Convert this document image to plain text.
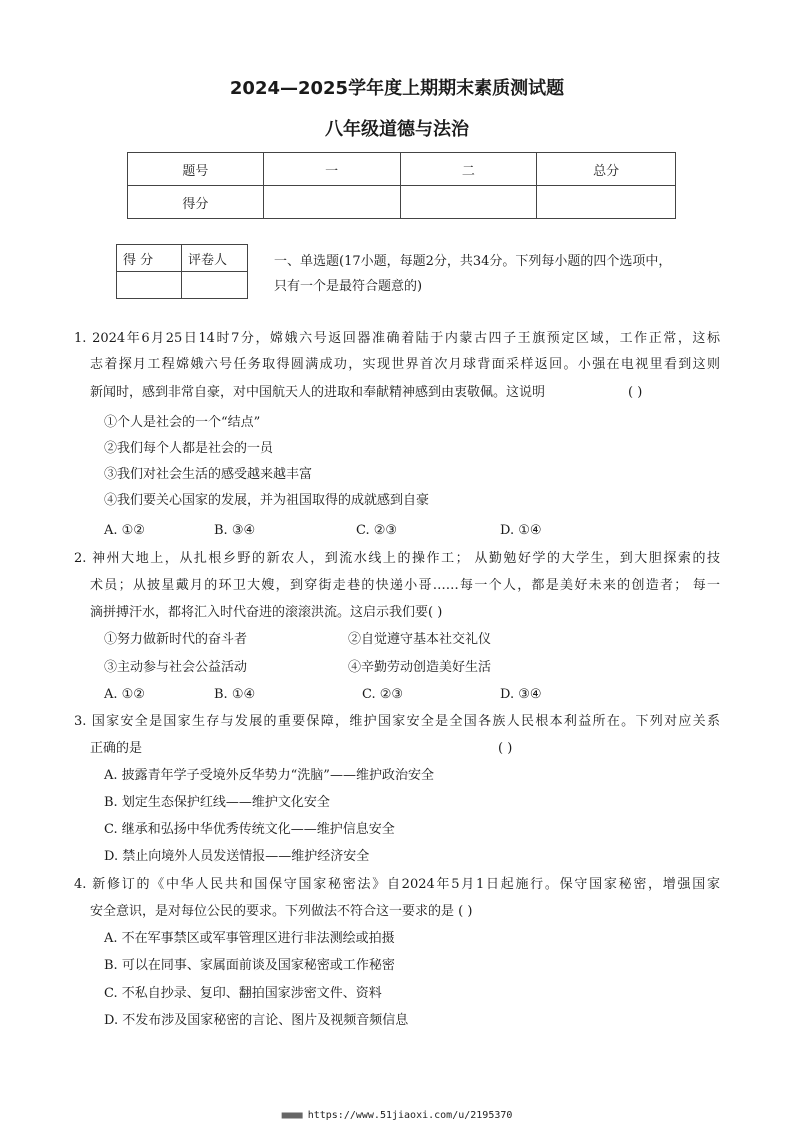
2024—2025学年度上期期末素质测试题
八年级道德与法治
题号	一	二	总分
得分			
得 分	评卷人
		一、单选题(17小题，每题2分，共34分。下列每小题的四个选项中，
只有一个是最符合题意的)
1. 2024年6月25日14时7分，嫦娥六号返回器准确着陆于内蒙古四子王旗预定区域，工作正常，这标
志着探月工程嫦娥六号任务取得圆满成功，实现世界首次月球背面采样返回。小强在电视里看到这则
新闻时，感到非常自豪，对中国航天人的进取和奉献精神感到由衷敬佩。这说明	( )
①个人是社会的一个“结点”
②我们每个人都是社会的一员
③我们对社会生活的感受越来越丰富
④我们要关心国家的发展，并为祖国取得的成就感到自豪
A. ①②	B. ③④	C. ②③	D. ①④
2. 神州大地上，从扎根乡野的新农人，到流水线上的操作工； 从勤勉好学的大学生，到大胆探索的技
术员；从披星戴月的环卫大嫂，到穿街走巷的快递小哥……每一个人，都是美好未来的创造者； 每一
滴拼搏汗水，都将汇入时代奋进的滚滚洪流。这启示我们要( )
①努力做新时代的奋斗者	②自觉遵守基本社交礼仪
③主动参与社会公益活动	④辛勤劳动创造美好生活
A. ①②	B. ①④	C. ②③	D. ③④
3. 国家安全是国家生存与发展的重要保障，维护国家安全是全国各族人民根本利益所在。下列对应关系
正确的是	( )
A. 披露青年学子受境外反华势力“洗脑”——维护政治安全
B. 划定生态保护红线——维护文化安全
C. 继承和弘扬中华优秀传统文化——维护信息安全
D. 禁止向境外人员发送情报——维护经济安全
4. 新修订的《中华人民共和国保守国家秘密法》自2024年5月1日起施行。保守国家秘密，增强国家
安全意识，是对每位公民的要求。下列做法不符合这一要求的是 ( )
A. 不在军事禁区或军事管理区进行非法测绘或拍摄
B. 可以在同事、家属面前谈及国家秘密或工作秘密
C. 不私自抄录、复印、翻拍国家涉密文件、资料
D. 不发布涉及国家秘密的言论、图片及视频音频信息
■■■■ https://www.51jiaoxi.com/u/2195370
